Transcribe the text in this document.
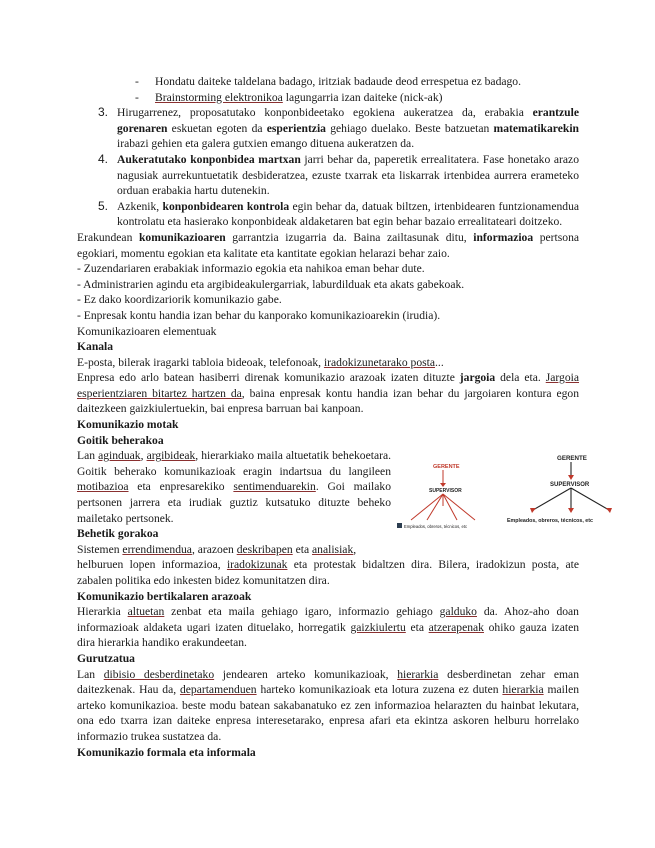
- Hondatu daiteke taldelana badago, iritziak badaude deod errespetua ez badago.
- Brainstorming elektronikoa lagungarria izan daiteke (nick-ak)
3. Hirugarrenez, proposatutako konponbideetako egokiena aukeratzea da, erabakia erantzule gorenaren eskuetan egoten da esperientzia gehiago duelako. Beste batzuetan matematikarekin irabazi gehien eta galera gutxien emango dituena aukeratzen da.
4. Aukeratutako konponbidea martxan jarri behar da, paperetik errealitatera. Fase honetako arazo nagusiak aurrekuntuetatik desbideratzea, ezuste txarrak eta liskarrak irtenbidea aurrera erameteko orduan erabakia hartu dutenekin.
5. Azkenik, konponbidearen kontrola egin behar da, datuak biltzen, irtenbidearen funtzionamendua kontrolatu eta hasierako konponbideak aldaketaren bat egin behar bazaio errealitateari doitzeko.

Erakundean komunikazioaren garrantzia izugarria da. Baina zailtasunak ditu, informazioa pertsona egokiari, momentu egokian eta kalitate eta kantitate egokian helarazi behar zaio.

- Zuzendariaren erabakiak informazio egokia eta nahikoa eman behar dute.

- Administrarien agindu eta argibideakulergarriak, laburdilduak eta akats gabekoak.

- Ez dako koordizariorik komunikazio gabe.

- Enpresak kontu handia izan behar du kanporako komunikazioarekin (irudia).

Komunikazioaren elementuak

Kanala

E-posta, bilerak iragarki tabloia bideoak, telefonoak, iradokizunetarako posta...

Enpresa edo arlo batean hasiberri direnak komunikazio arazoak izaten dituzte jargoia dela eta. Jargoia esperientziaren bitartez hartzen da, baina enpresak kontu handia izan behar du jargoiaren kontura egon daitezkeen gaizkiulertuekin, bai enpresa barruan bai kanpoan.

Komunikazio motak

Goitik beherakoa

Lan aginduak, argibideak, hierarkiako maila altuetatik behekoetara. Goitik beherako komunikazioak eragin indartsua du langileen motibazioa eta enpresarekiko sentimenduarekin. Goi mailako pertsonen jarrera eta irudiak guztiz kutsatuko dituzte beheko mailetako pertsonek.

Behetik gorakoa

Sistemen errendimendua, arazoen deskribapen eta analisiak,

helburuen lopen informazioa, iradokizunak eta protestak bidaltzen dira. Bilera, iradokizun posta, ate zabalen politika edo inkesten bidez komunitatzen dira.

Komunikazio bertikalaren arazoak

Hierarkia altuetan zenbat eta maila gehiago igaro, informazio gehiago galduko da. Ahoz-aho doan informazioak aldaketa ugari izaten dituelako, horregatik gaizkiulertu eta atzerapenak ohiko gauza izaten dira hierarkia handiko erakundeetan.

Gurutzatua

Lan dibisio desberdinetako jendearen arteko komunikazioak, hierarkia desberdinetan zehar eman daitezkenak. Hau da, departamenduen harteko komunikazioak eta lotura zuzena ez duten hierarkia mailen arteko komunikazioa. beste modu batean sakabanatuko ez zen informazioa helarazten du hainbat lekutara, ona edo txarra izan daiteke enpresa interesetarako, enpresa afari eta ekintza askoren helburu horrelako informazio trukea sustatzea da.

Komunikazio formala eta informala

GERENTE
SUPERVISOR
Empleados, obreros, técnicos, etc
GERENTE
SUPERVISOR
Empleados, obreros, técnicos, etc
